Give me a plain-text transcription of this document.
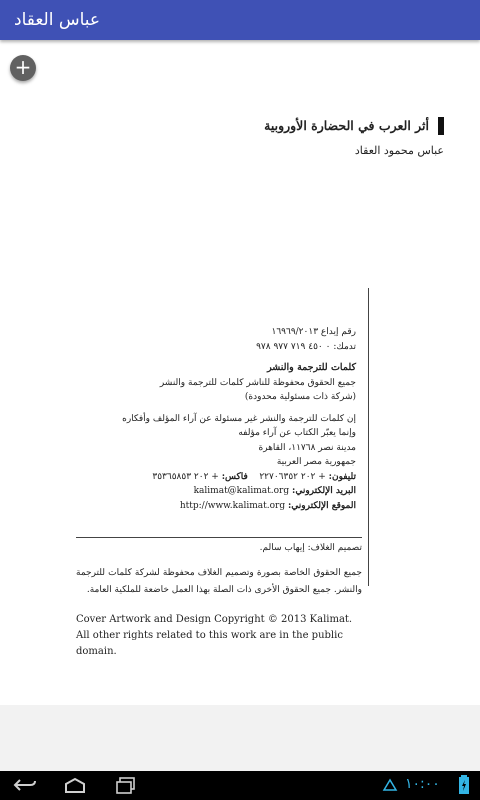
عباس العقاد
+
أثر العرب في الحضارة الأوروبية
عباس محمود العقاد
رقم إيداع ١٦٩٦٩/٢٠١٣
تدمك: ٠ ٤٥٠ ٧١٩ ٩٧٧ ٩٧٨
كلمات للترجمة والنشر
جميع الحقوق محفوظة للناشر كلمات للترجمة والنشر
(شركة ذات مسئولية محدودة)
إن كلمات للترجمة والنشر غير مسئولة عن آراء المؤلف وأفكاره
وإنما يعبّر الكتاب عن آراء مؤلفه
مدينة نصر ١١٧٦٨، القاهرة
جمهورية مصر العربية
تليفون: + ٢٠٢ ٢٢٧٠٦٣٥٢    فاكس: + ٢٠٢ ٣٥٣٦٥٨٥٣
البريد الإلكتروني: kalimat@kalimat.org
الموقع الإلكتروني: http://www.kalimat.org
تصميم الغلاف: إيهاب سالم.
جميع الحقوق الخاصة بصورة وتصميم الغلاف محفوظة لشركة كلمات للترجمة والنشر. جميع الحقوق الأخرى ذات الصلة بهذا العمل خاضعة للملكية العامة.
Cover Artwork and Design Copyright © 2013 Kalimat.
All other rights related to this work are in the public domain.
١٠:٠٠
